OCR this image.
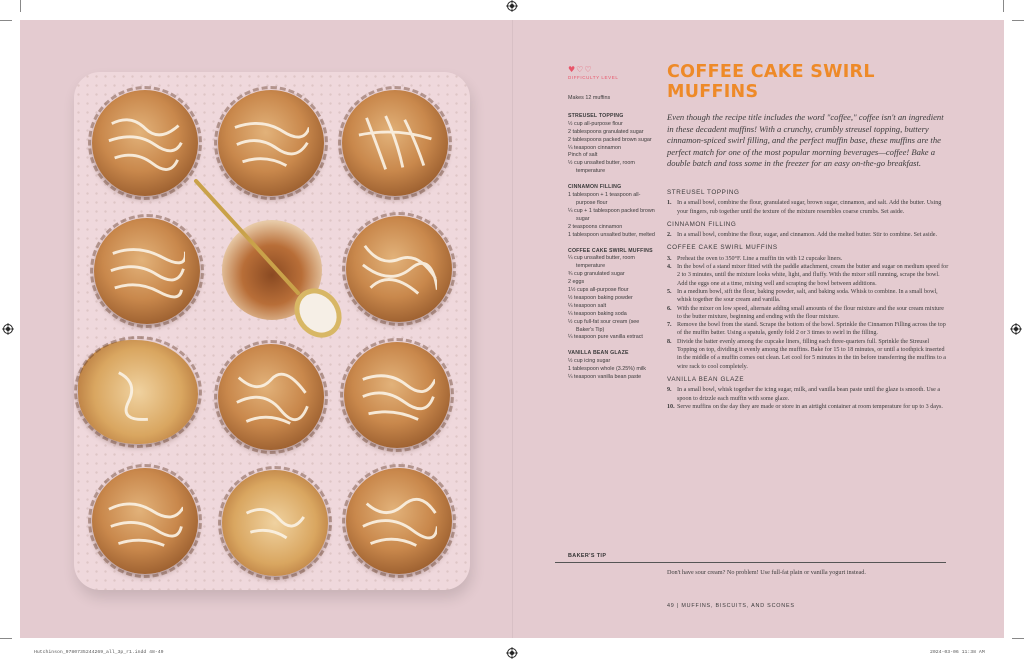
♥♡♡
DIFFICULTY LEVEL	COFFEE CAKE SWIRL MUFFINS

Makes 12 muffins

STREUSEL TOPPING

½ cup all-purpose flour
2 tablespoons granulated sugar
2 tablespoons packed brown sugar
¼ teaspoon cinnamon
Pinch of salt
½ cup unsalted butter, room temperature

CINNAMON FILLING

1 tablespoon + 1 teaspoon all-purpose flour
¼ cup + 1 tablespoon packed brown sugar
2 teaspoons cinnamon
1 tablespoon unsalted butter, melted

COFFEE CAKE SWIRL MUFFINS

¼ cup unsalted butter, room temperature
¾ cup granulated sugar
2 eggs
1½ cups all-purpose flour
½ teaspoon baking powder
¼ teaspoon salt
¼ teaspoon baking soda
½ cup full-fat sour cream (see Baker's Tip)
¼ teaspoon pure vanilla extract

VANILLA BEAN GLAZE

½ cup icing sugar
1 tablespoon whole (3.25%) milk
¼ teaspoon vanilla bean paste

Even though the recipe title includes the word "coffee," coffee isn't an ingredient in these decadent muffins! With a crunchy, crumbly streusel topping, buttery cinnamon-spiced swirl filling, and the perfect muffin base, these muffins are the perfect match for one of the most popular morning beverages—coffee! Bake a double batch and toss some in the freezer for an easy on-the-go breakfast.

STREUSEL TOPPING
1. In a small bowl, combine the flour, granulated sugar, brown sugar, cinnamon, and salt. Add the butter. Using your fingers, rub together until the texture of the mixture resembles coarse crumbs. Set aside.
CINNAMON FILLING
2. In a small bowl, combine the flour, sugar, and cinnamon. Add the melted butter. Stir to combine. Set aside.
COFFEE CAKE SWIRL MUFFINS
3. Preheat the oven to 350°F. Line a muffin tin with 12 cupcake liners.
4. In the bowl of a stand mixer fitted with the paddle attachment, cream the butter and sugar on medium speed for 2 to 3 minutes, until the mixture looks white, light, and fluffy. With the mixer still running, scrape the bowl. Add the eggs one at a time, mixing well and scraping the bowl between additions.
5. In a medium bowl, sift the flour, baking powder, salt, and baking soda. Whisk to combine. In a small bowl, whisk together the sour cream and vanilla.
6. With the mixer on low speed, alternate adding small amounts of the flour mixture and the sour cream mixture to the butter mixture, beginning and ending with the flour mixture.
7. Remove the bowl from the stand. Scrape the bottom of the bowl. Sprinkle the Cinnamon Filling across the top of the muffin batter. Using a spatula, gently fold 2 or 3 times to swirl in the filling.
8. Divide the batter evenly among the cupcake liners, filling each three-quarters full. Sprinkle the Streusel Topping on top, dividing it evenly among the muffins. Bake for 15 to 18 minutes, or until a toothpick inserted in the middle of a muffin comes out clean. Let cool for 5 minutes in the tin before transferring the muffins to a wire rack to cool completely.
VANILLA BEAN GLAZE
9. In a small bowl, whisk together the icing sugar, milk, and vanilla bean paste until the glaze is smooth. Use a spoon to drizzle each muffin with some glaze.
10. Serve muffins on the day they are made or store in an airtight container at room temperature for up to 3 days.
BAKER'S TIP
Don't have sour cream? No problem! Use full-fat plain or vanilla yogurt instead.
49 | MUFFINS, BISCUITS, AND SCONES
Hutchinson_9780735244269_all_3p_r1.indd 48-49	2024-03-06 11:38 AM
